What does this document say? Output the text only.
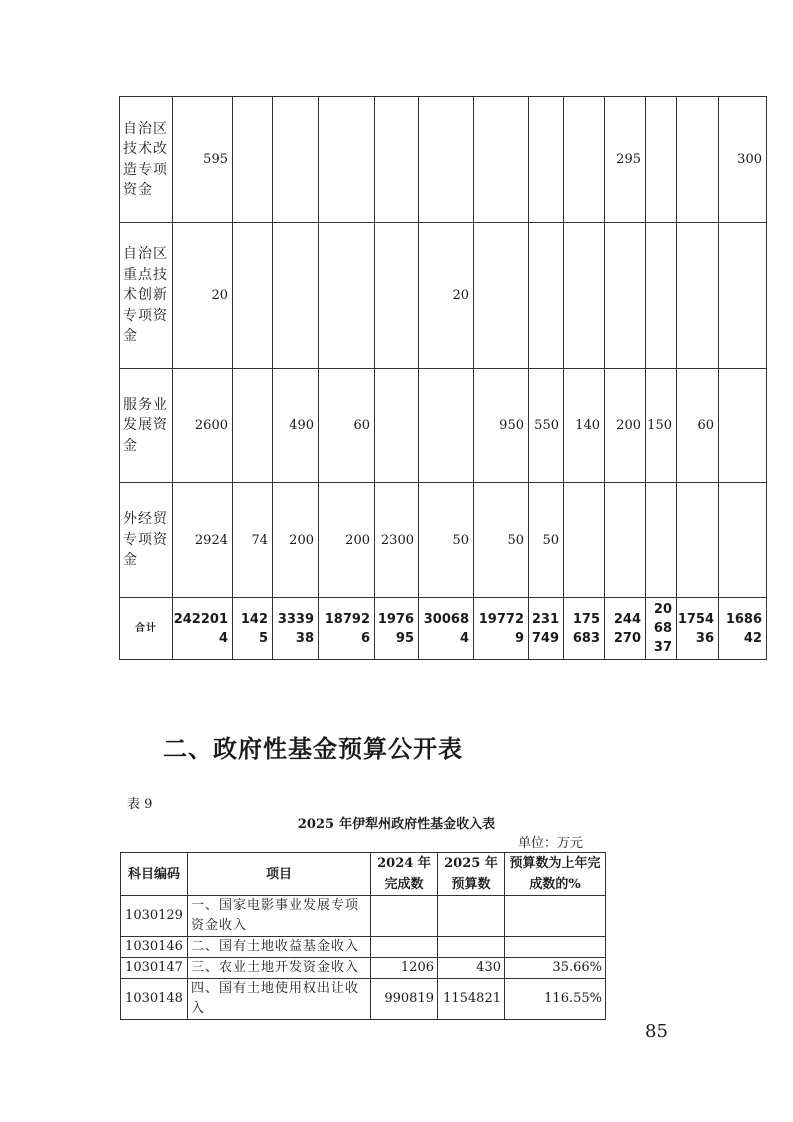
自治区技术改造专项资金	595									295			300
自治区重点技术创新专项资金	20					20							
服务业发展资金	2600		490	60			950	550	140	200	150	60	
外经贸专项资金	2924	74	200	200	2300	50	50	50					
合计	2422014	1425	333938	187926	197695	300684	197729	231749	175683	244270	206837	175436	168642
二、政府性基金预算公开表
表 9
2025 年伊犁州政府性基金收入表
单位：万元
科目编码	项目	2024 年完成数	2025 年预算数	预算数为上年完成数的%
1030129	一、国家电影事业发展专项资金收入			
1030146	二、国有土地收益基金收入			
1030147	三、农业土地开发资金收入	1206	430	35.66%
1030148	四、国有土地使用权出让收入	990819	1154821	116.55%
85
